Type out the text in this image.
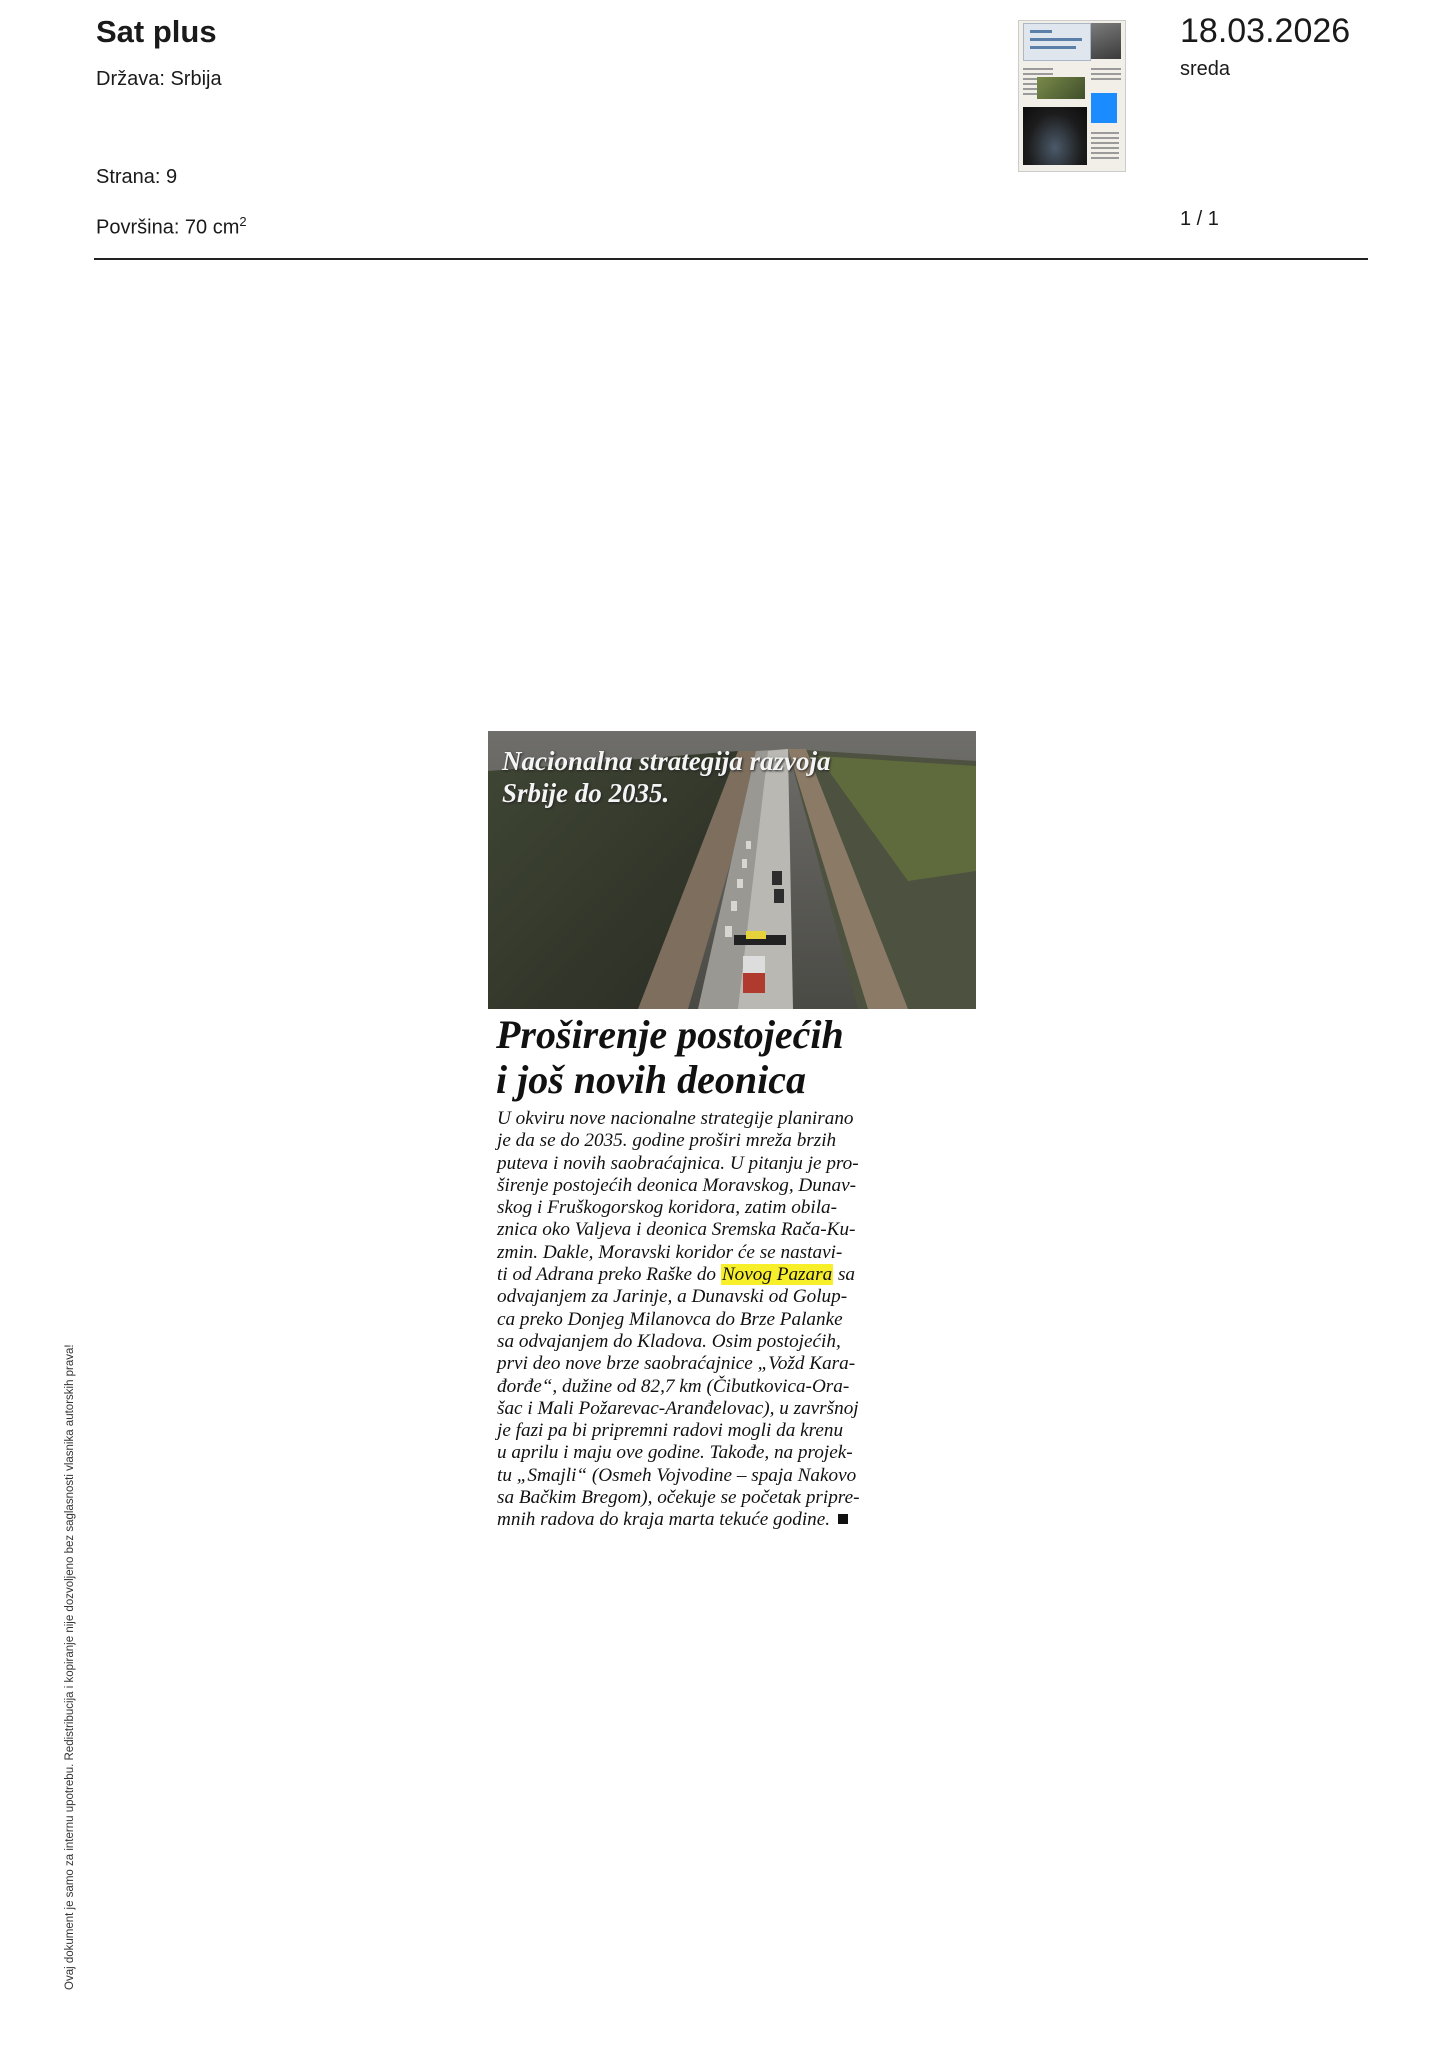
Sat plus
Država: Srbija
Strana: 9
Površina: 70 $cm^2$
18.03.2026
sreda
1 / 1
Nacionalna strategija razvoja
Srbije do 2035.
Proširenje postojećih
i još novih deonica
U okviru nove nacionalne strategije planirano
je da se do 2035. godine proširi mreža brzih
puteva i novih saobraćajnica. U pitanju je pro-
širenje postojećih deonica Moravskog, Dunav-
skog i Fruškogorskog koridora, zatim obila-
znica oko Valjeva i deonica Sremska Rača-Ku-
zmin. Dakle, Moravski koridor će se nastavi-
ti od Adrana preko Raške do Novog Pazara sa
odvajanjem za Jarinje, a Dunavski od Golup-
ca preko Donjeg Milanovca do Brze Palanke
sa odvajanjem do Kladova. Osim postojećih,
prvi deo nove brze saobraćajnice „Vožd Kara-
đorđe“, dužine od 82,7 km (Čibutkovica-Ora-
šac i Mali Požarevac-Aranđelovac), u završnoj
je fazi pa bi pripremni radovi mogli da krenu
u aprilu i maju ove godine. Takođe, na projek-
tu „Smajli“ (Osmeh Vojvodine – spaja Nakovo
sa Bačkim Bregom), očekuje se početak pripre-
mnih radova do kraja marta tekuće godine.
Ovaj dokument je samo za internu upotrebu. Redistribucija i kopiranje nije dozvoljeno bez saglasnosti vlasnika autorskih prava!
